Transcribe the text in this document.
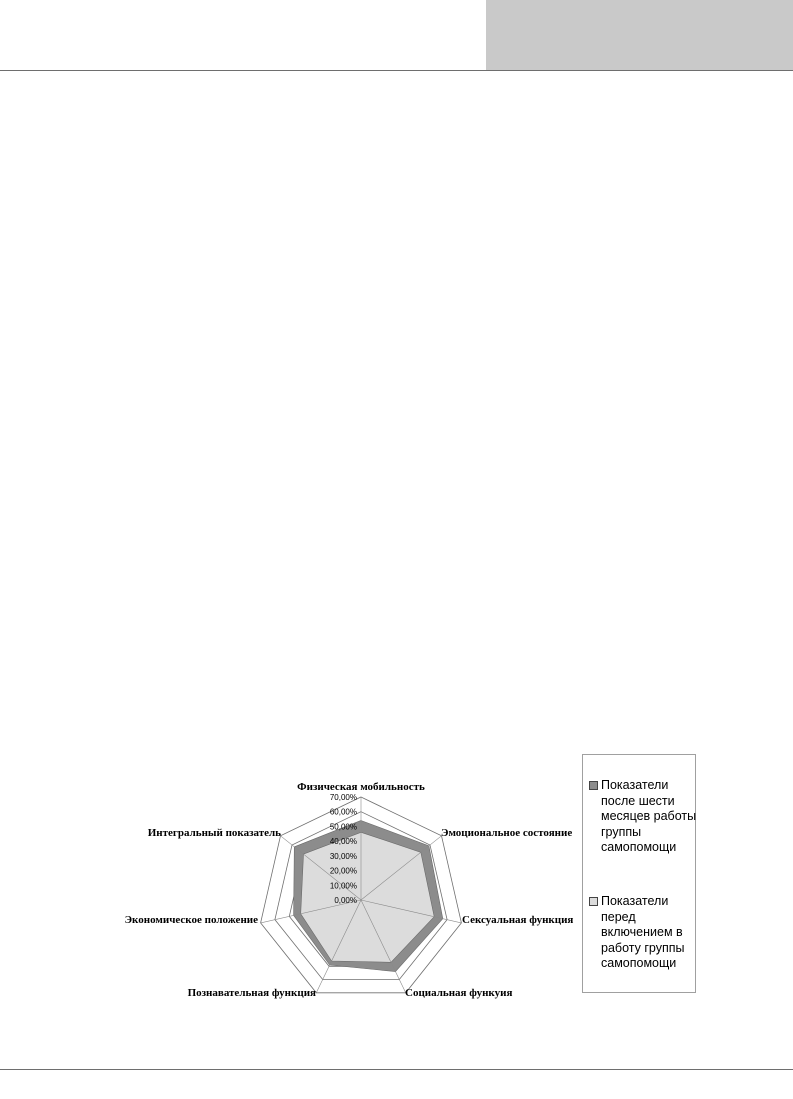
0,00%
10,00%
20,00%
30,00%
40,00%
50,00%
60,00%
70,00%
Физическая мобильность
Эмоциональное состояние
Сексуальная функция
Социальная функуия
Познавательная функция
Экономическое положение
Интегральный показатель
Показатели после шести месяцев работы группы самопомощи
Показатели перед включением в работу группы самопомощи
